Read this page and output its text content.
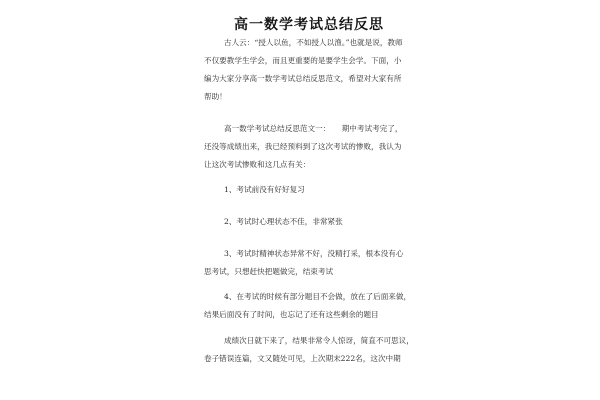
高一数学考试总结反思
古人云：“授人以鱼，不如授人以渔。”也就是说，教师
不仅要教学生学会，而且更重要的是要学生会学。下面，小
编为大家分享高一数学考试总结反思范文，希望对大家有所
帮助！
高一数学考试总结反思范文一：　　期中考试考完了，
还没等成绩出来，我已经预料到了这次考试的惨败，我认为
让这次考试惨败和这几点有关：
1、考试前没有好好复习
2、考试时心理状态不佳，非常紧张
3、考试时精神状态异常不好，没精打采，根本没有心
思考试，只想赶快把题做完，结束考试
4、在考试的时候有部分题目不会做，放在了后面来做，
结果后面没有了时间，也忘记了还有这些剩余的题目
成绩次日就下来了，结果非常令人惊讶，简直不可思议，
卷子错误连篇，文又随处可见，上次期末222名，这次中期
